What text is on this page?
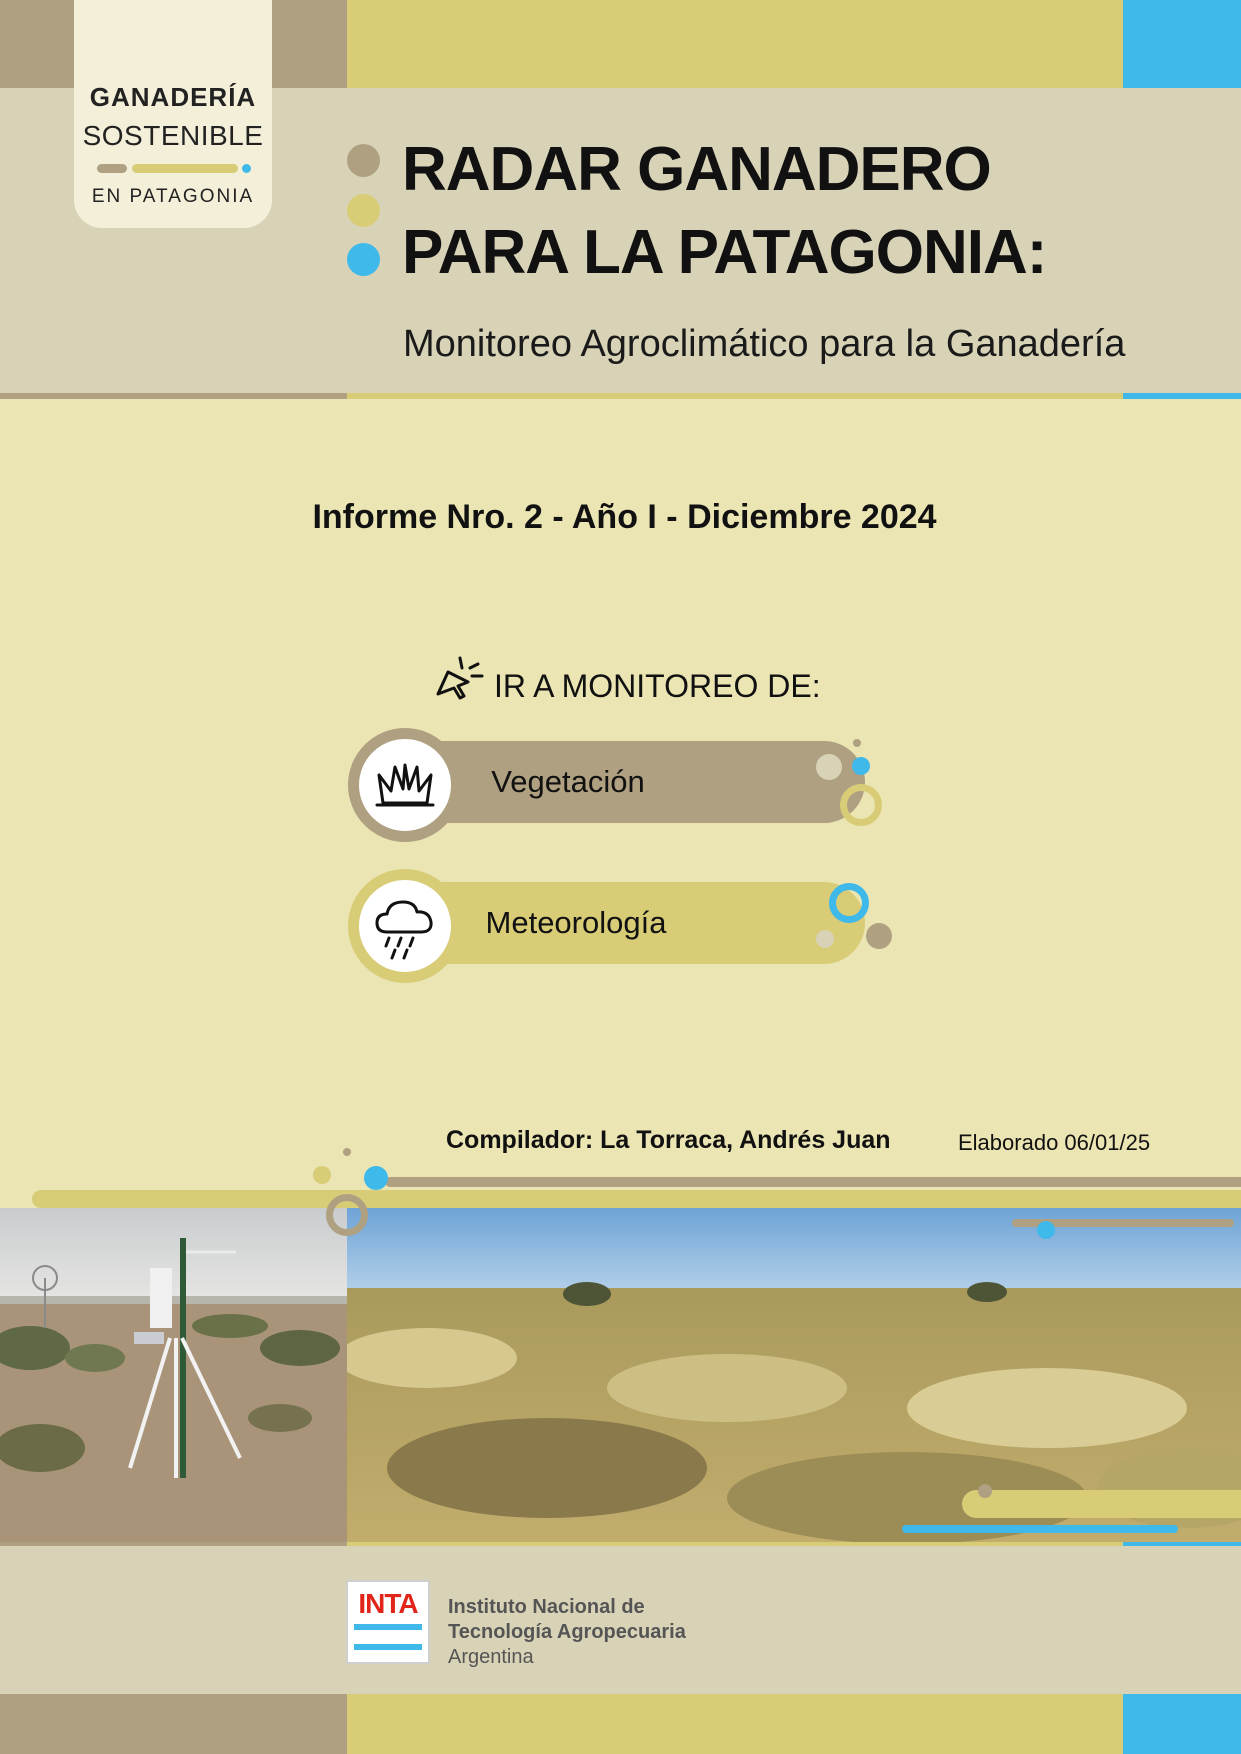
GANADERÍA
SOSTENIBLE
EN PATAGONIA RADAR GANADERO
PARA LA PATAGONIA:
Monitoreo Agroclimático para la Ganadería
Informe Nro. 2 - Año I - Diciembre 2024
IR A MONITOREO DE:
Vegetación
Meteorología
Compilador: La Torraca, Andrés Juan	Elaborado 06/01/25
INTA	Instituto Nacional de
Tecnología Agropecuaria
Argentina
